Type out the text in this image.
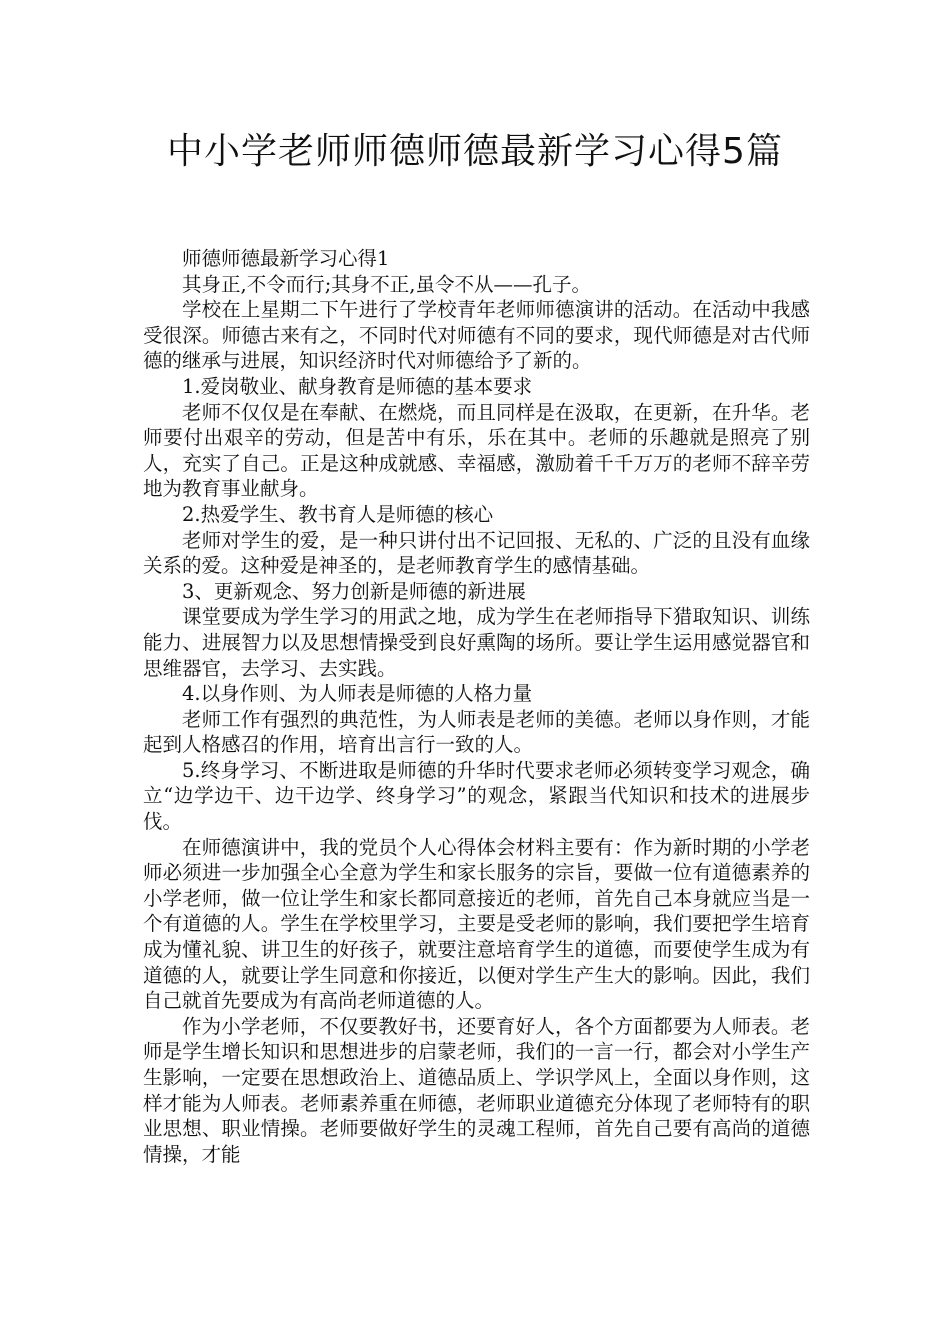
中小学老师师德师德最新学习心得5篇

师德师德最新学习心得1

其身正,不令而行;其身不正,虽令不从——孔子。

学校在上星期二下午进行了学校青年老师师德演讲的活动。在活动中我感受很深。师德古来有之，不同时代对师德有不同的要求，现代师德是对古代师德的继承与进展，知识经济时代对师德给予了新的。

1.爱岗敬业、献身教育是师德的基本要求

老师不仅仅是在奉献、在燃烧，而且同样是在汲取，在更新，在升华。老师要付出艰辛的劳动，但是苦中有乐，乐在其中。老师的乐趣就是照亮了别人，充实了自己。正是这种成就感、幸福感，激励着千千万万的老师不辞辛劳地为教育事业献身。

2.热爱学生、教书育人是师德的核心

老师对学生的爱，是一种只讲付出不记回报、无私的、广泛的且没有血缘关系的爱。这种爱是神圣的，是老师教育学生的感情基础。

3、更新观念、努力创新是师德的新进展

课堂要成为学生学习的用武之地，成为学生在老师指导下猎取知识、训练能力、进展智力以及思想情操受到良好熏陶的场所。要让学生运用感觉器官和思维器官，去学习、去实践。

4.以身作则、为人师表是师德的人格力量

老师工作有强烈的典范性，为人师表是老师的美德。老师以身作则，才能起到人格感召的作用，培育出言行一致的人。

5.终身学习、不断进取是师德的升华时代要求老师必须转变学习观念，确立“边学边干、边干边学、终身学习”的观念，紧跟当代知识和技术的进展步伐。

在师德演讲中，我的党员个人心得体会材料主要有：作为新时期的小学老师必须进一步加强全心全意为学生和家长服务的宗旨，要做一位有道德素养的小学老师，做一位让学生和家长都同意接近的老师，首先自己本身就应当是一个有道德的人。学生在学校里学习，主要是受老师的影响，我们要把学生培育成为懂礼貌、讲卫生的好孩子，就要注意培育学生的道德，而要使学生成为有道德的人，就要让学生同意和你接近，以便对学生产生大的影响。因此，我们自己就首先要成为有高尚老师道德的人。

作为小学老师，不仅要教好书，还要育好人，各个方面都要为人师表。老师是学生增长知识和思想进步的启蒙老师，我们的一言一行，都会对小学生产生影响，一定要在思想政治上、道德品质上、学识学风上，全面以身作则，这样才能为人师表。老师素养重在师德，老师职业道德充分体现了老师特有的职业思想、职业情操。老师要做好学生的灵魂工程师，首先自己要有高尚的道德情操，才能
